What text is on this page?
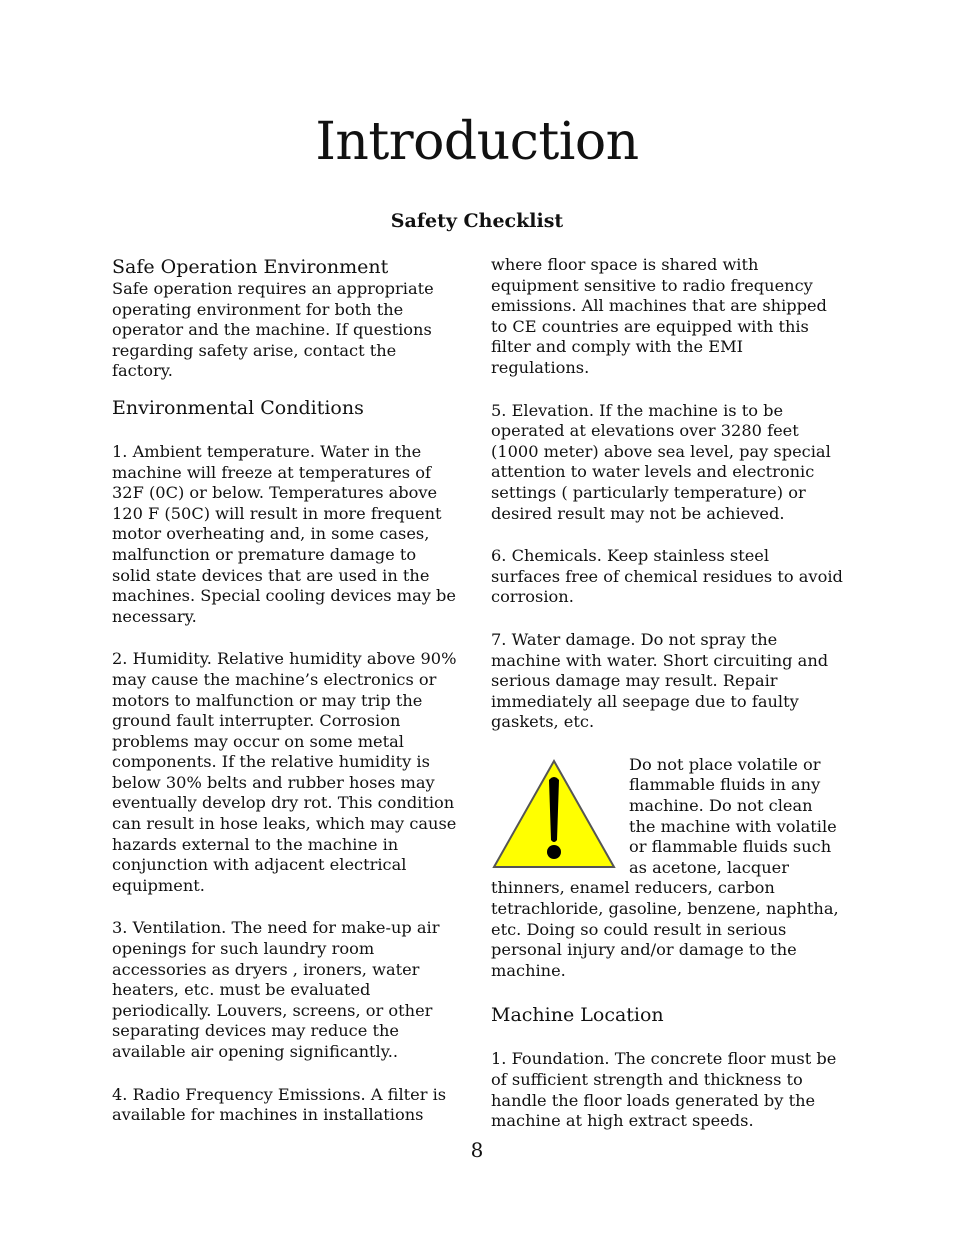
Introduction
Safety Checklist
Safe Operation Environment

Safe operation requires an appropriate operating environment for both the operator and the machine. If questions regarding safety arise, contact the factory.

Environmental Conditions

1. Ambient temperature. Water in the machine will freeze at temperatures of 32F (0C) or below. Temperatures above 120 F (50C) will result in more frequent motor overheating and, in some cases, malfunction or premature damage to solid state devices that are used in the machines. Special cooling devices may be necessary.

2. Humidity. Relative humidity above 90% may cause the machine’s electronics or motors to malfunction or may trip the ground fault interrupter. Corrosion problems may occur on some metal components. If the relative humidity is below 30% belts and rubber hoses may eventually develop dry rot. This condition can result in hose leaks, which may cause hazards external to the machine in conjunction with adjacent electrical equipment.

3. Ventilation. The need for make-up air openings for such laundry room accessories as dryers , ironers, water heaters, etc. must be evaluated periodically. Louvers, screens, or other separating devices may reduce the available air opening significantly..

4. Radio Frequency Emissions. A filter is available for machines in installations

where floor space is shared with equipment sensitive to radio frequency emissions. All machines that are shipped to CE countries are equipped with this filter and comply with the EMI regulations.

5. Elevation. If the machine is to be operated at elevations over 3280 feet (1000 meter) above sea level, pay special attention to water levels and electronic settings ( particularly temperature) or desired result may not be achieved.

6. Chemicals. Keep stainless steel surfaces free of chemical residues to avoid corrosion.

7. Water damage. Do not spray the machine with water. Short circuiting and serious damage may result. Repair immediately all seepage due to faulty gaskets, etc.

Do not place volatile or flammable fluids in any machine. Do not clean the machine with volatile or flammable fluids such as acetone, lacquer thinners, enamel reducers, carbon tetrachloride, gasoline, benzene, naphtha, etc. Doing so could result in serious personal injury and/or damage to the machine.

Machine Location

1. Foundation. The concrete floor must be of sufficient strength and thickness to handle the floor loads generated by the machine at high extract speeds.

8
